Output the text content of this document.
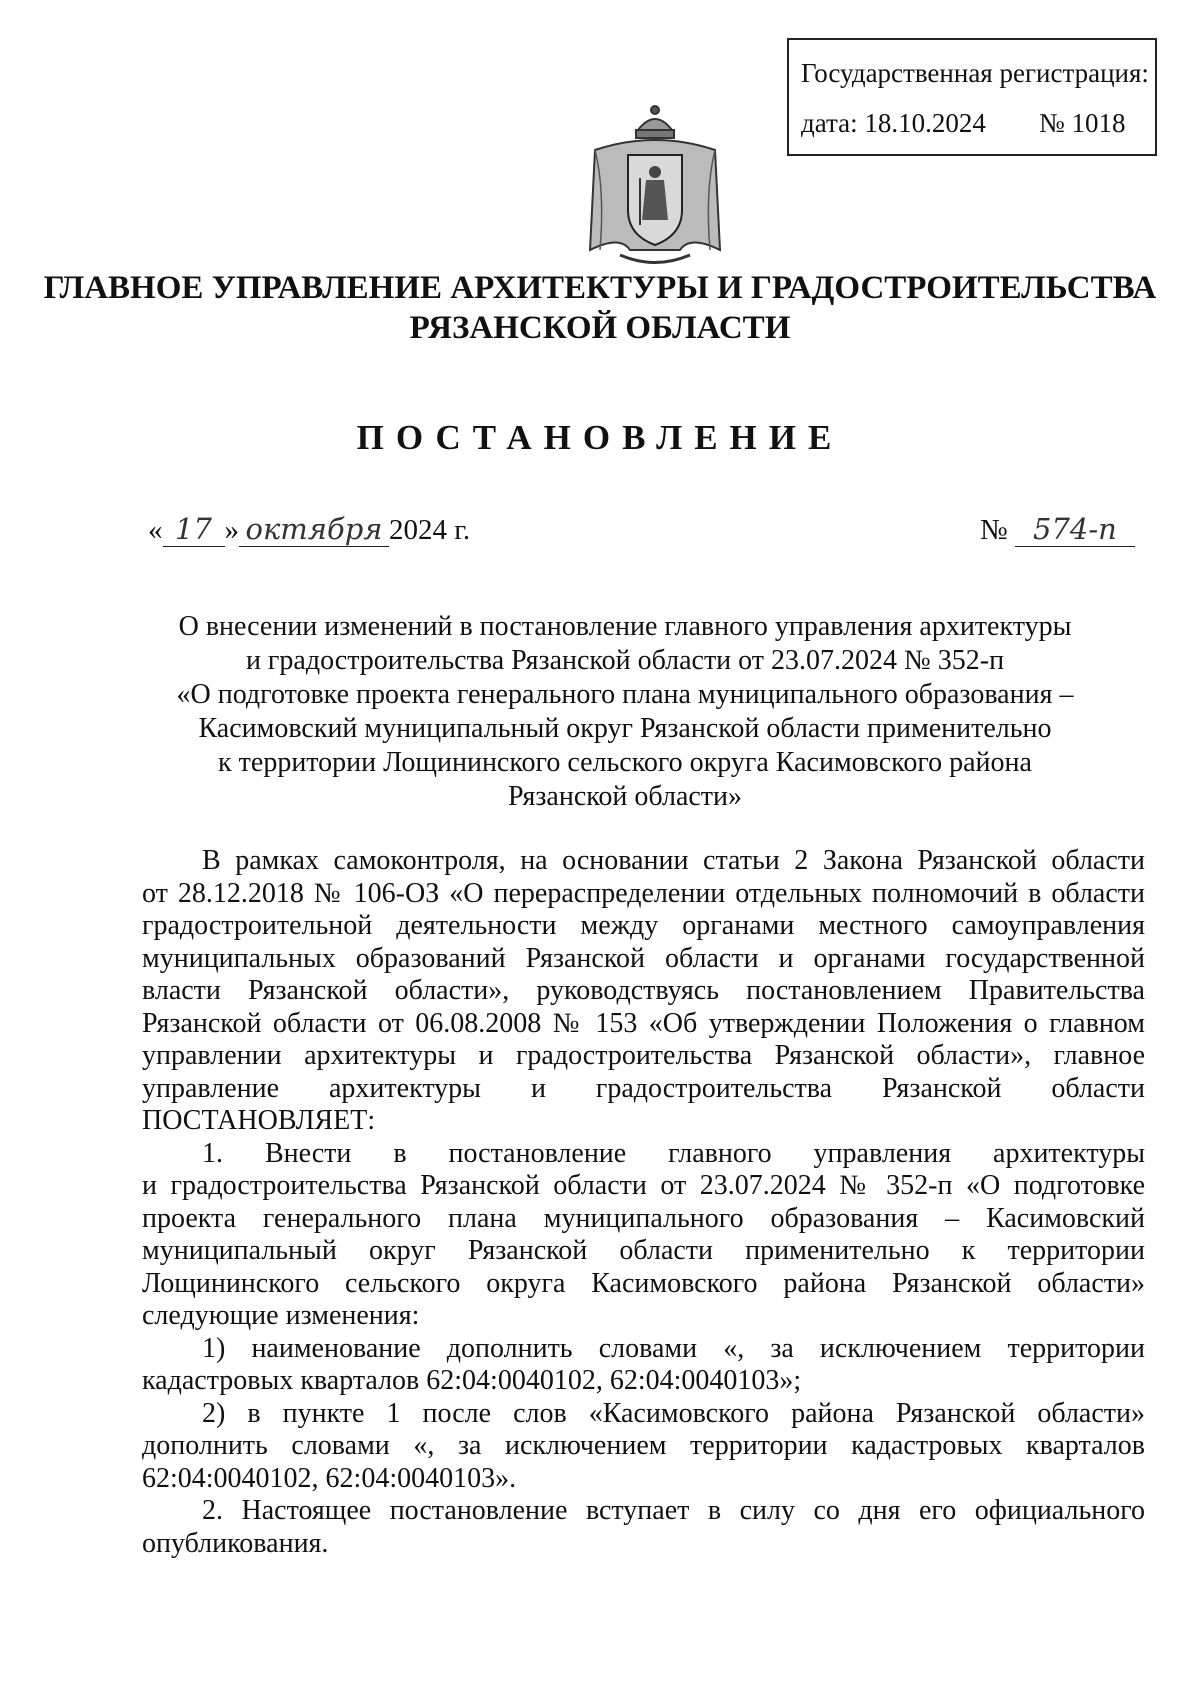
Государственная регистрация:
дата: 18.10.2024 № 1018
ГЛАВНОЕ УПРАВЛЕНИЕ АРХИТЕКТУРЫ И ГРАДОСТРОИТЕЛЬСТВА
РЯЗАНСКОЙ ОБЛАСТИ
ПОСТАНОВЛЕНИЕ
« 17 » октября 2024 г.	№ 574-п
О внесении изменений в постановление главного управления архитектуры
и градостроительства Рязанской области от 23.07.2024 № 352-п
«О подготовке проекта генерального плана муниципального образования –
Касимовский муниципальный округ Рязанской области применительно
к территории Лощининского сельского округа Касимовского района
Рязанской области»

В рамках самоконтроля, на основании статьи 2 Закона Рязанской области

от 28.12.2018 № 106-ОЗ «О перераспределении отдельных полномочий в области

градостроительной деятельности между органами местного самоуправления

муниципальных образований Рязанской области и органами государственной

власти Рязанской области», руководствуясь постановлением Правительства

Рязанской области от 06.08.2008 № 153 «Об утверждении Положения о главном

управлении архитектуры и градостроительства Рязанской области», главное

управление архитектуры и градостроительства Рязанской области

ПОСТАНОВЛЯЕТ:

1. Внести в постановление главного управления архитектуры

и градостроительства Рязанской области от 23.07.2024 № 352-п «О подготовке

проекта генерального плана муниципального образования – Касимовский

муниципальный округ Рязанской области применительно к территории

Лощининского сельского округа Касимовского района Рязанской области»

следующие изменения:

1) наименование дополнить словами «, за исключением территории

кадастровых кварталов 62:04:0040102, 62:04:0040103»;

2) в пункте 1 после слов «Касимовского района Рязанской области»

дополнить словами «, за исключением территории кадастровых кварталов

62:04:0040102, 62:04:0040103».

2. Настоящее постановление вступает в силу со дня его официального

опубликования.
